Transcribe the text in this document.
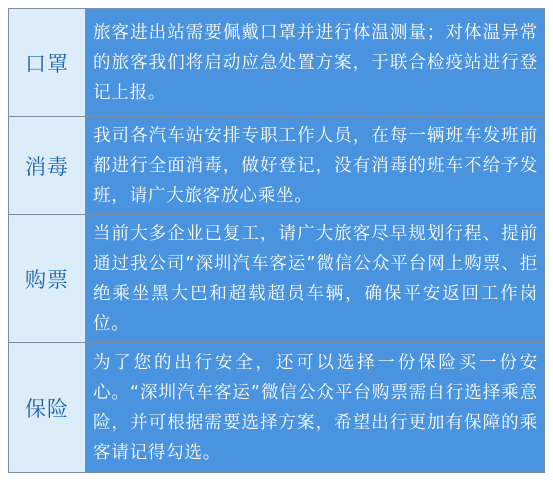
口罩	旅客进出站需要佩戴口罩并进行体温测量；对体温异常的旅客我们将启动应急处置方案，于联合检疫站进行登记上报。
消毒	我司各汽车站安排专职工作人员，在每一辆班车发班前都进行全面消毒，做好登记，没有消毒的班车不给予发班，请广大旅客放心乘坐。
购票	当前大多企业已复工，请广大旅客尽早规划行程、提前通过我公司“深圳汽车客运”微信公众平台网上购票、拒绝乘坐黑大巴和超载超员车辆，确保平安返回工作岗位。
保险	为了您的出行安全，还可以选择一份保险买一份安心。“深圳汽车客运”微信公众平台购票需自行选择乘意险，并可根据需要选择方案，希望出行更加有保障的乘客请记得勾选。
